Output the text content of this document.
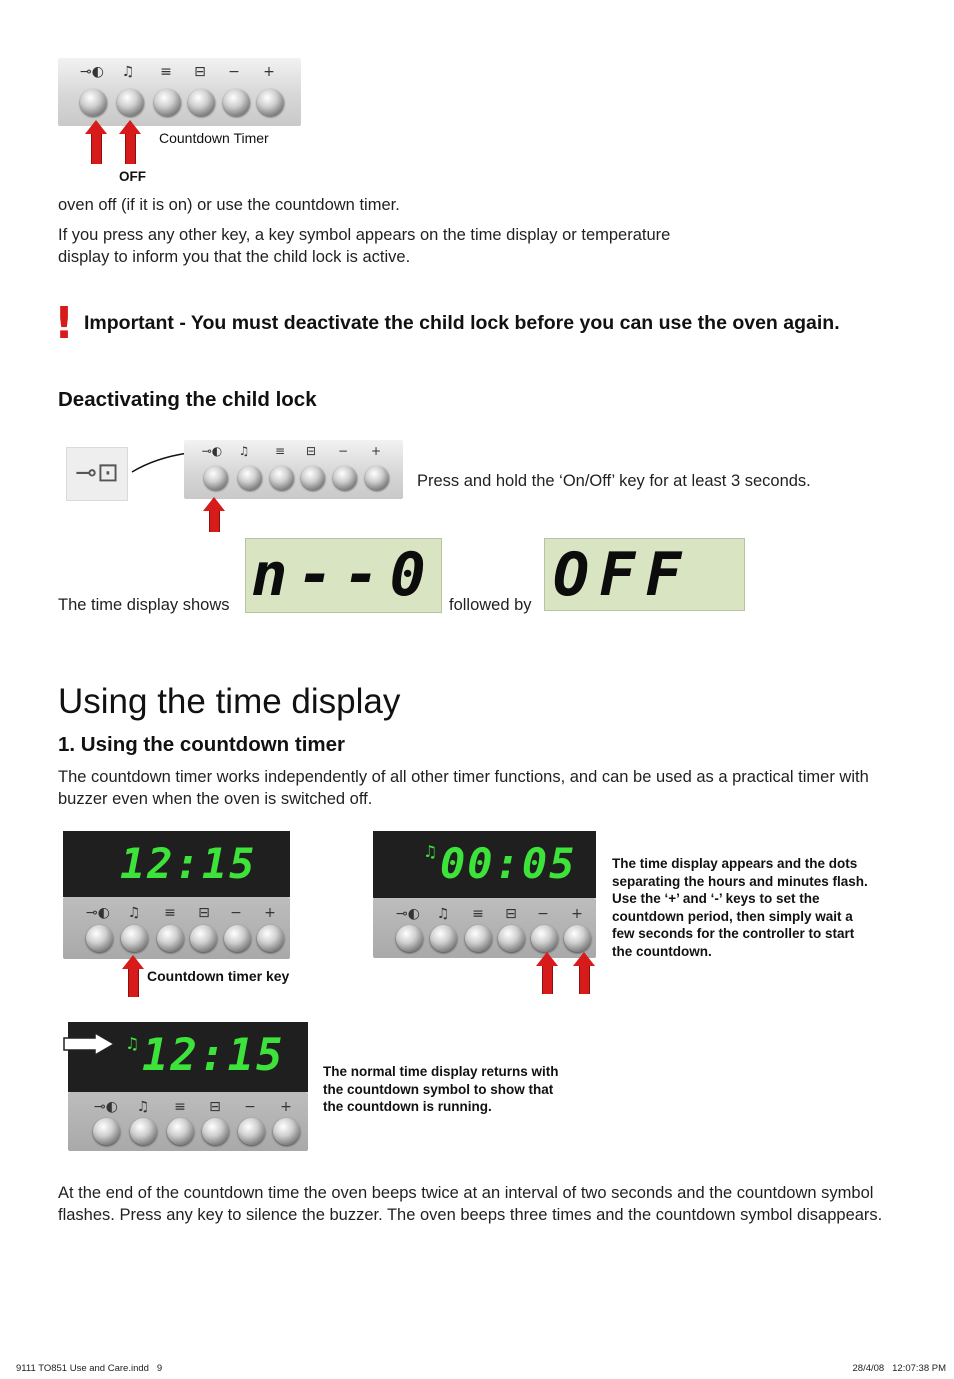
⊸◐	♫	≡	⊟	−	+
Countdown Timer
OFF
oven off (if it is on) or use the countdown timer.
If you press any other key, a key symbol appears on the time display or temperature display to inform you that the child lock is active.
! Important - You must deactivate the child lock before you can use the oven again.
Deactivating the child lock
⊸⊡
⊸◐	♫	≡	⊟	−	+
Press and hold the ‘On/Off’ key for at least 3 seconds.
The time display shows n--0 followed by OFF
Using the time display
1. Using the countdown timer
The countdown timer works independently of all other timer functions, and can be used as a practical timer with buzzer even when the oven is switched off.
12:15
⊸◐	♫	≡	⊟	−	+
Countdown timer key
♫ 00:05
⊸◐	♫	≡	⊟	−	+
The time display appears and the dots separating the hours and minutes flash. Use the ‘+’ and ‘-’ keys to set the countdown period, then simply wait a few seconds for the controller to start the countdown.
♫ 12:15
⊸◐	♫	≡	⊟	−	+
The normal time display returns with the countdown symbol to show that the countdown is running.
At the end of the countdown time the oven beeps twice at an interval of two seconds and the countdown symbol flashes. Press any key to silence the buzzer. The oven beeps three times and the countdown symbol disappears.
9111 TO851 Use and Care.indd   9	28/4/08   12:07:38 PM
